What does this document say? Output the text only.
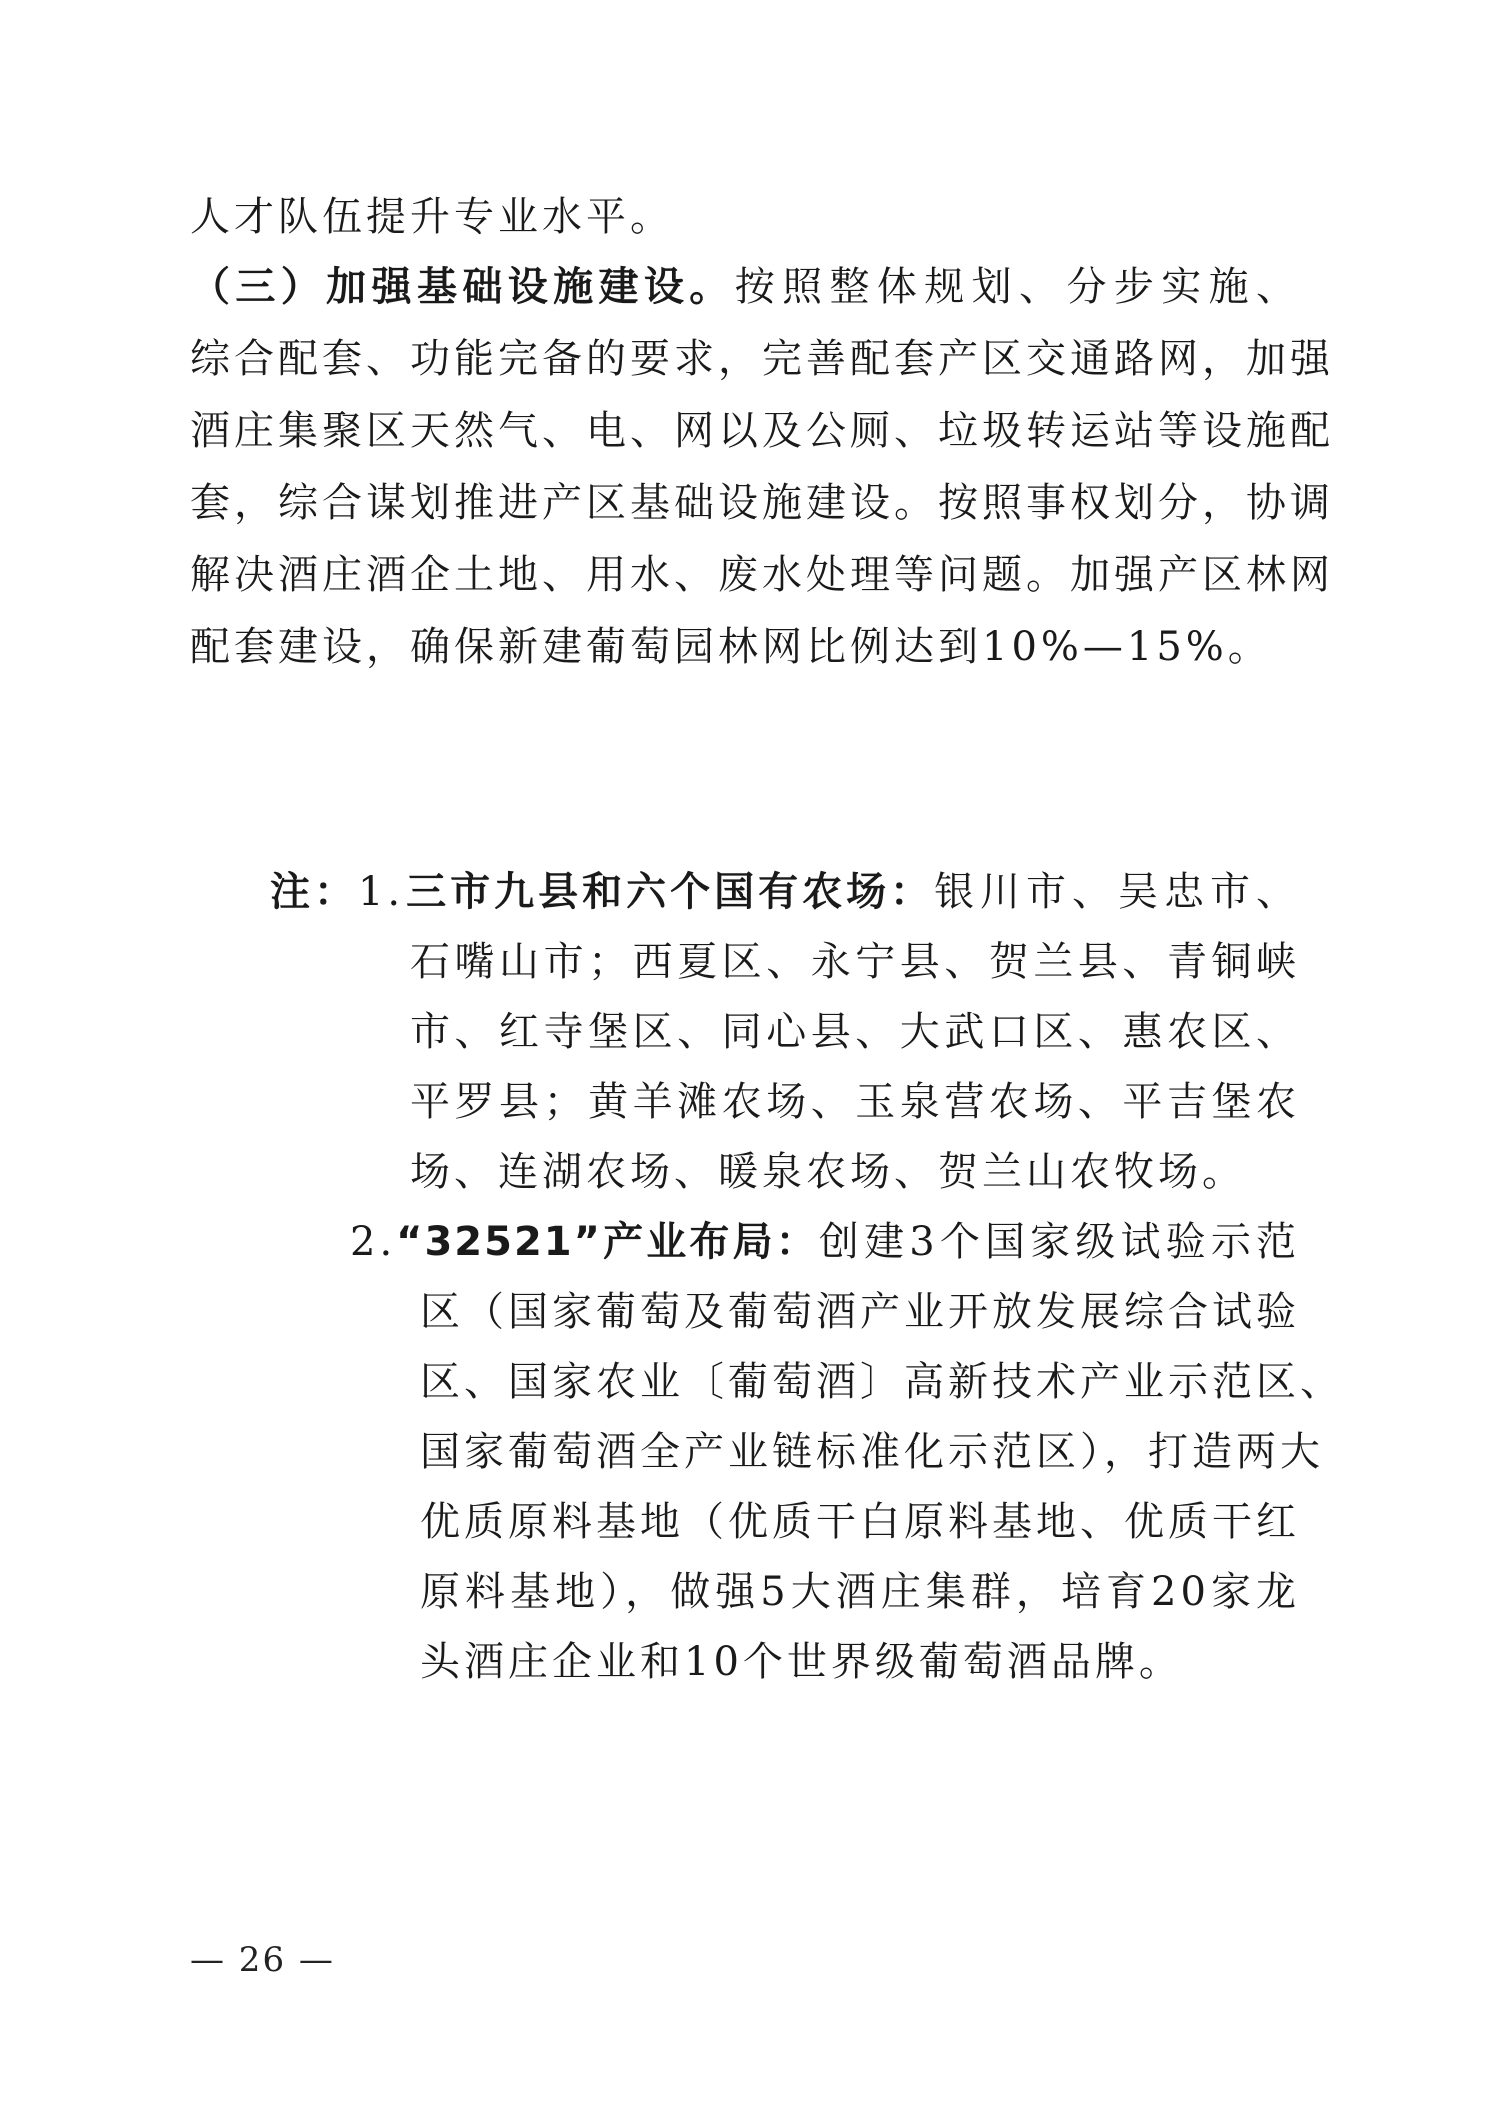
人才队伍提升专业水平。
（三）加强基础设施建设。按照整体规划、分步实施、
综合配套、功能完备的要求，完善配套产区交通路网，加强
酒庄集聚区天然气、电、网以及公厕、垃圾转运站等设施配
套，综合谋划推进产区基础设施建设。按照事权划分，协调
解决酒庄酒企土地、用水、废水处理等问题。加强产区林网
配套建设，确保新建葡萄园林网比例达到10%—15%。
注：1.三市九县和六个国有农场：银川市、吴忠市、
石嘴山市；西夏区、永宁县、贺兰县、青铜峡
市、红寺堡区、同心县、大武口区、惠农区、
平罗县；黄羊滩农场、玉泉营农场、平吉堡农
场、连湖农场、暖泉农场、贺兰山农牧场。
2.“32521”产业布局：创建3个国家级试验示范
区（国家葡萄及葡萄酒产业开放发展综合试验
区、国家农业〔葡萄酒〕高新技术产业示范区、
国家葡萄酒全产业链标准化示范区），打造两大
优质原料基地（优质干白原料基地、优质干红
原料基地），做强5大酒庄集群，培育20家龙
头酒庄企业和10个世界级葡萄酒品牌。
— 26 —
